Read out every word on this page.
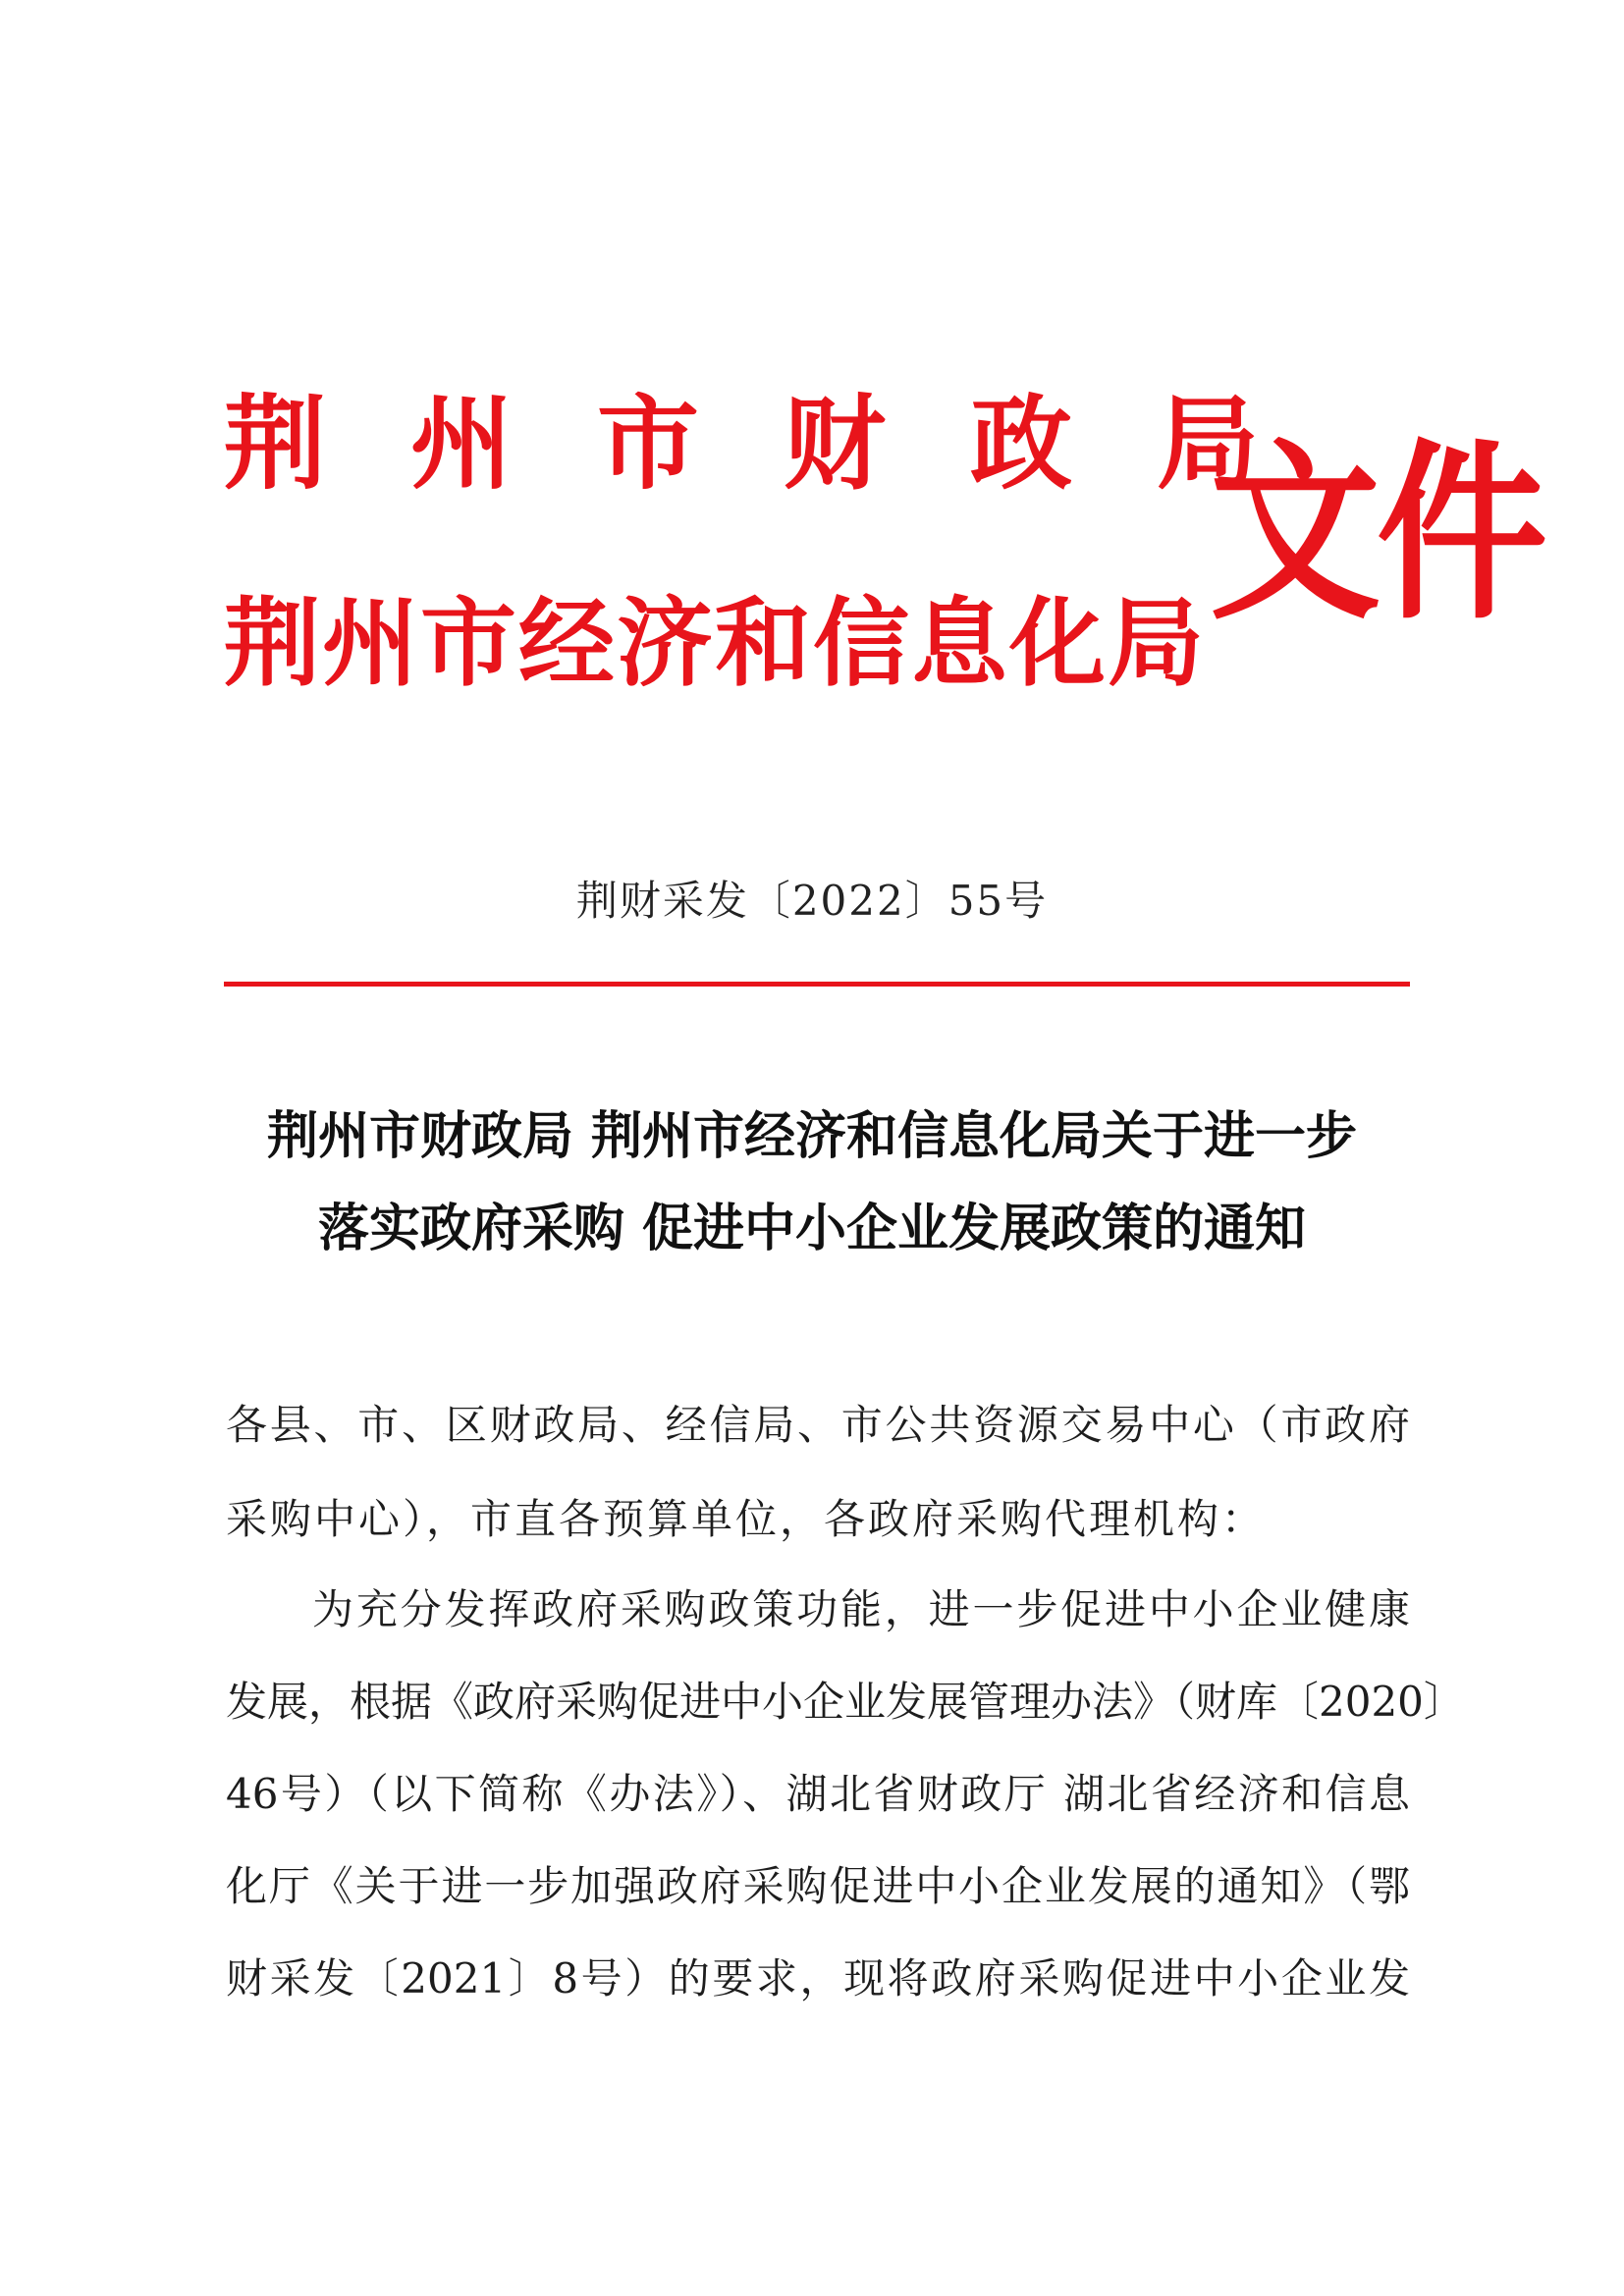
荆州市财政局
荆州市经济和信息化局 文件
荆财采发〔2022〕55号
荆州市财政局 荆州市经济和信息化局关于进一步
落实政府采购 促进中小企业发展政策的通知
各县、市、区财政局、经信局、市公共资源交易中心（市政府
采购中心），市直各预算单位，各政府采购代理机构：
为充分发挥政府采购政策功能，进一步促进中小企业健康
发展，根据《政府采购促进中小企业发展管理办法》（财库〔2020〕
46号）（以下简称《办法》）、湖北省财政厅 湖北省经济和信息
化厅《关于进一步加强政府采购促进中小企业发展的通知》（鄂
财采发〔2021〕8号）的要求，现将政府采购促进中小企业发
